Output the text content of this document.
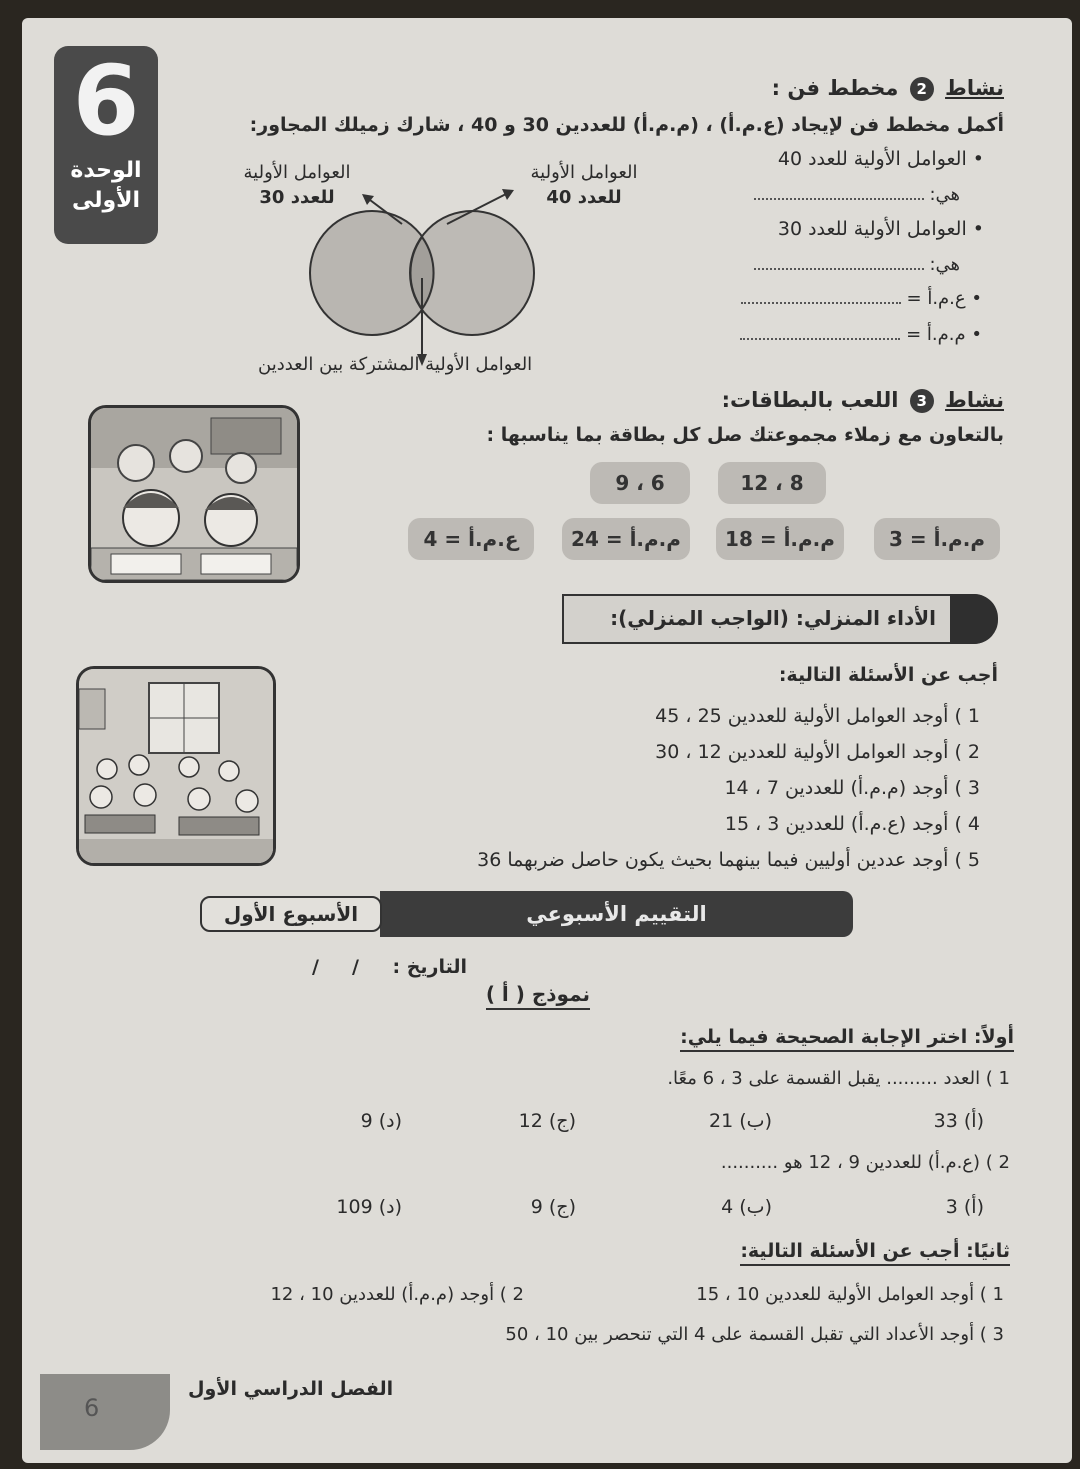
6
الوحدة
الأولى
نشاط 2 مخطط فن :
أكمل مخطط فن لإيجاد (ع.م.أ) ، (م.م.أ) للعددين 30 و 40 ، شارك زميلك المجاور:
• العوامل الأولية للعدد 40
هي:
• العوامل الأولية للعدد 30
هي:
• ع.م.أ =
• م.م.أ =
العوامل الأولية
للعدد 30
العوامل الأولية
للعدد 40
العوامل الأولية المشتركة بين العددين
نشاط 3 اللعب بالبطاقات:
بالتعاون مع زملاء مجموعتك صل كل بطاقة بما يناسبها :
12 ، 8
9 ، 6
م.م.أ = 3
م.م.أ = 18
م.م.أ = 24
ع.م.أ = 4
الأداء المنزلي: (الواجب المنزلي):
أجب عن الأسئلة التالية:
1 ) أوجد العوامل الأولية للعددين 25 ، 45
2 ) أوجد العوامل الأولية للعددين 12 ، 30
3 ) أوجد (م.م.أ) للعددين 7 ، 14
4 ) أوجد (ع.م.أ) للعددين 3 ، 15
5 ) أوجد عددين أوليين فيما بينهما بحيث يكون حاصل ضربهما 36
التقييم الأسبوعي
الأسبوع الأول
التاريخ :
/     /
نموذج ( أ )
أولاً: اختر الإجابة الصحيحة فيما يلي:
1 ) العدد ......... يقبل القسمة على 3 ، 6 معًا.
(أ) 33
(ب) 21
(ج) 12
(د) 9
2 ) (ع.م.أ) للعددين 9 ، 12 هو ..........
(أ) 3
(ب) 4
(ج) 9
(د) 109
ثانيًا: أجب عن الأسئلة التالية:
1 ) أوجد العوامل الأولية للعددين 10 ، 15
2 ) أوجد (م.م.أ) للعددين 10 ، 12
3 ) أوجد الأعداد التي تقبل القسمة على 4 التي تنحصر بين 10 ، 50
6
الفصل الدراسي الأول
